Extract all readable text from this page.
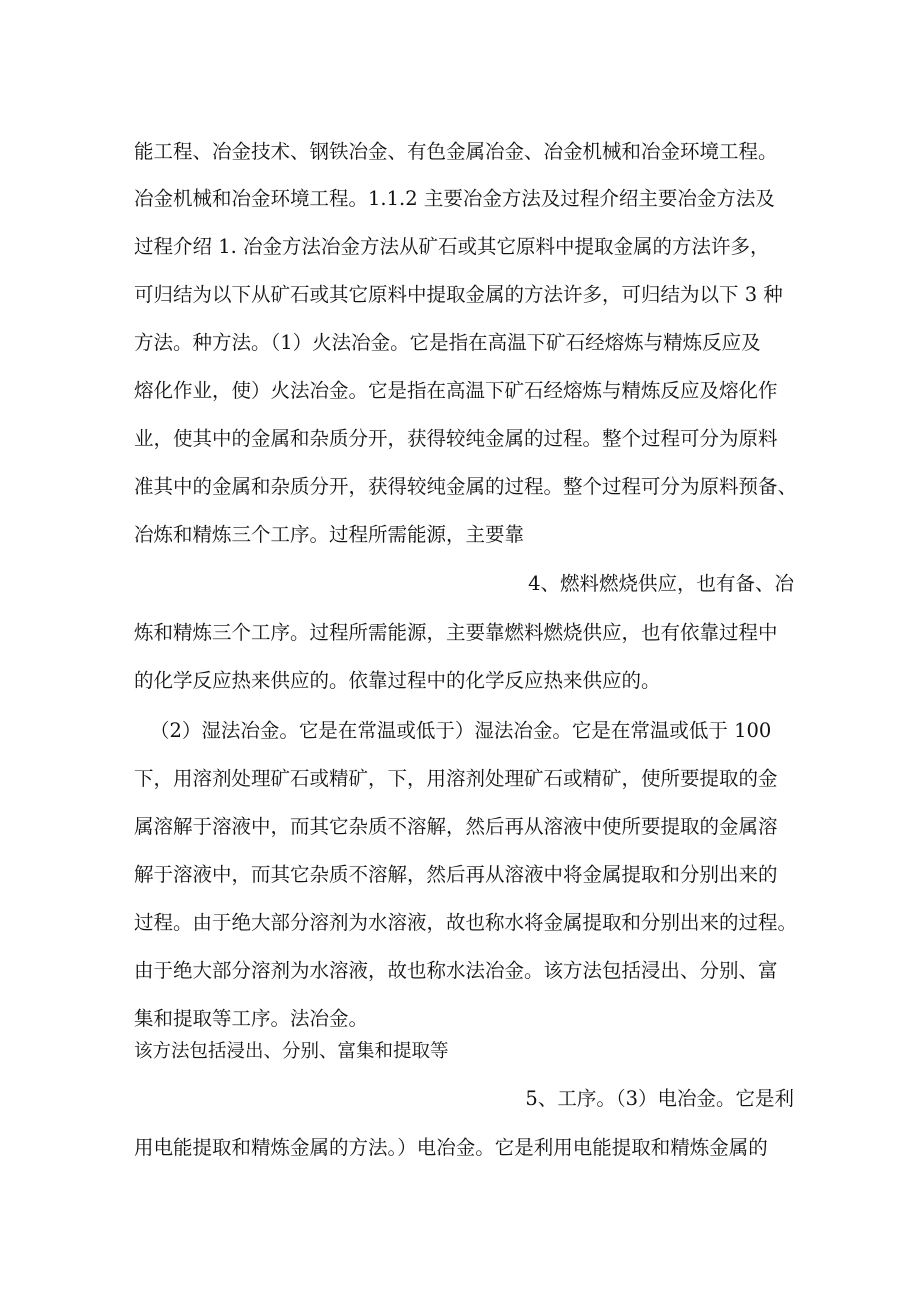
能工程、冶金技术、钢铁冶金、有色金属冶金、冶金机械和冶金环境工程。
冶金机械和冶金环境工程。1.1.2 主要冶金方法及过程介绍主要冶金方法及
过程介绍 1. 冶金方法冶金方法从矿石或其它原料中提取金属的方法许多，
可归结为以下从矿石或其它原料中提取金属的方法许多，可归结为以下 3 种
方法。种方法。（1）火法冶金。它是指在高温下矿石经熔炼与精炼反应及
熔化作业，使）火法冶金。它是指在高温下矿石经熔炼与精炼反应及熔化作
业，使其中的金属和杂质分开，获得较纯金属的过程。整个过程可分为原料
准其中的金属和杂质分开，获得较纯金属的过程。整个过程可分为原料预备、
冶炼和精炼三个工序。过程所需能源，主要靠
4、燃料燃烧供应，也有备、冶
炼和精炼三个工序。过程所需能源，主要靠燃料燃烧供应，也有依靠过程中
的化学反应热来供应的。依靠过程中的化学反应热来供应的。
（2）湿法冶金。它是在常温或低于）湿法冶金。它是在常温或低于 100
下，用溶剂处理矿石或精矿，下，用溶剂处理矿石或精矿，使所要提取的金
属溶解于溶液中，而其它杂质不溶解，然后再从溶液中使所要提取的金属溶
解于溶液中，而其它杂质不溶解，然后再从溶液中将金属提取和分别出来的
过程。由于绝大部分溶剂为水溶液，故也称水将金属提取和分别出来的过程。
由于绝大部分溶剂为水溶液，故也称水法冶金。该方法包括浸出、分别、富
集和提取等工序。法冶金。
该方法包括浸出、分别、富集和提取等
5、工序。（3）电冶金。它是利
用电能提取和精炼金属的方法。）电冶金。它是利用电能提取和精炼金属的
